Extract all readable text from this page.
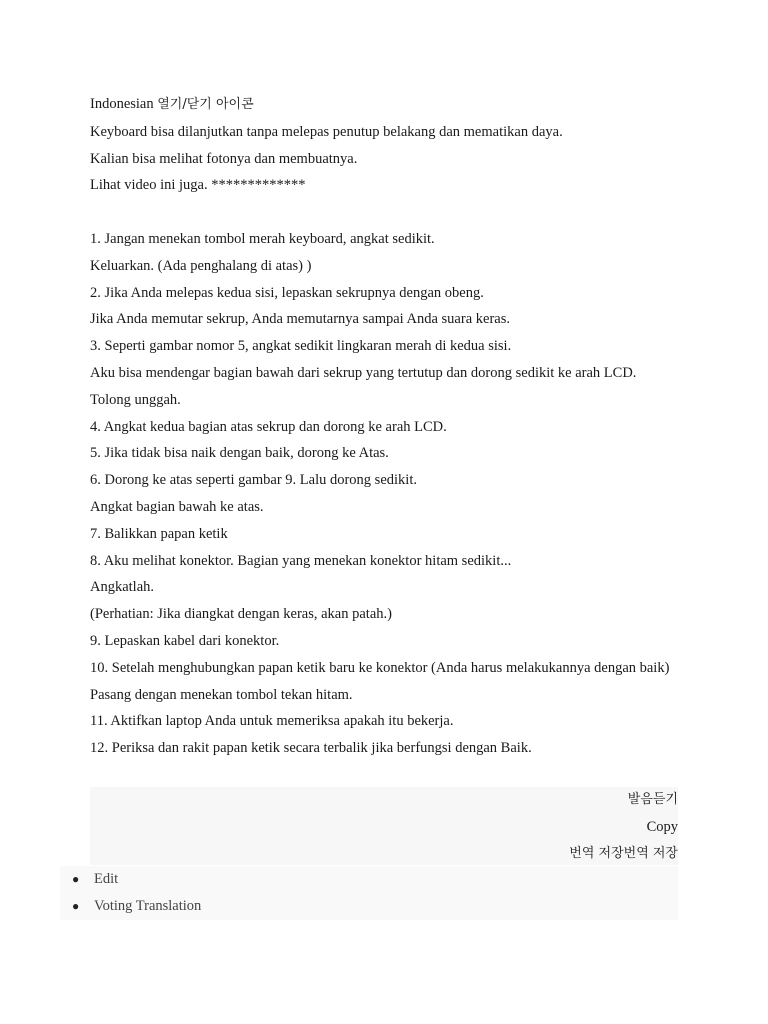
Indonesian 열기/닫기 아이콘

Keyboard bisa dilanjutkan tanpa melepas penutup belakang dan mematikan daya.

Kalian bisa melihat fotonya dan membuatnya.

Lihat video ini juga. *************

1. Jangan menekan tombol merah keyboard, angkat sedikit.

Keluarkan. (Ada penghalang di atas) )

2. Jika Anda melepas kedua sisi, lepaskan sekrupnya dengan obeng.

Jika Anda memutar sekrup, Anda memutarnya sampai Anda suara keras.

3. Seperti gambar nomor 5, angkat sedikit lingkaran merah di kedua sisi.

Aku bisa mendengar bagian bawah dari sekrup yang tertutup dan dorong sedikit ke arah LCD.

Tolong unggah.

4. Angkat kedua bagian atas sekrup dan dorong ke arah LCD.

5. Jika tidak bisa naik dengan baik, dorong ke Atas.

6. Dorong ke atas seperti gambar 9. Lalu dorong sedikit.

Angkat bagian bawah ke atas.

7. Balikkan papan ketik

8. Aku melihat konektor. Bagian yang menekan konektor hitam sedikit...

Angkatlah.

(Perhatian: Jika diangkat dengan keras, akan patah.)

9. Lepaskan kabel dari konektor.

10. Setelah menghubungkan papan ketik baru ke konektor (Anda harus melakukannya dengan baik)

Pasang dengan menekan tombol tekan hitam.

11. Aktifkan laptop Anda untuk memeriksa apakah itu bekerja.

12. Periksa dan rakit papan ketik secara terbalik jika berfungsi dengan Baik.

발음듣기

Copy

번역 저장번역 저장

● Edit
● Voting Translation
